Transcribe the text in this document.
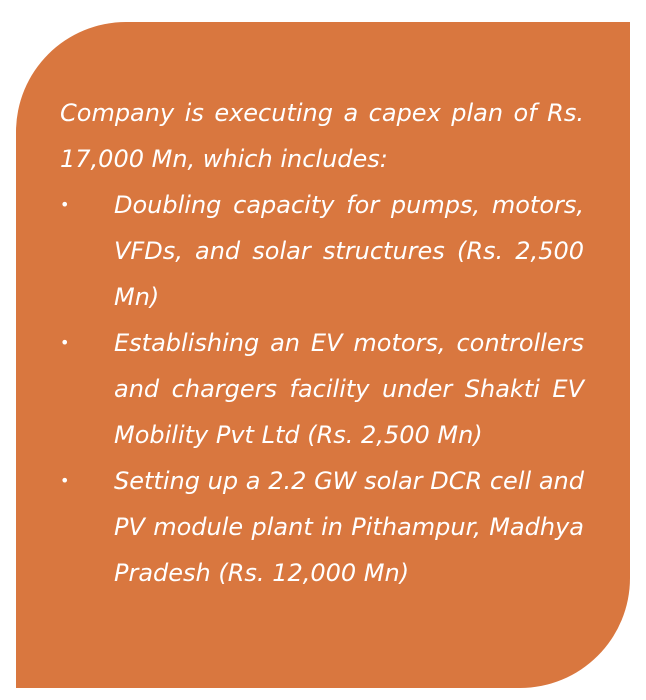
Company is executing a capex plan of Rs. 17,000 Mn, which includes:

• Doubling capacity for pumps, motors, VFDs, and solar structures (Rs. 2,500 Mn)
• Establishing an EV motors, controllers and chargers facility under Shakti EV Mobility Pvt Ltd (Rs. 2,500 Mn)
• Setting up a 2.2 GW solar DCR cell and PV module plant in Pithampur, Madhya Pradesh (Rs. 12,000 Mn)
